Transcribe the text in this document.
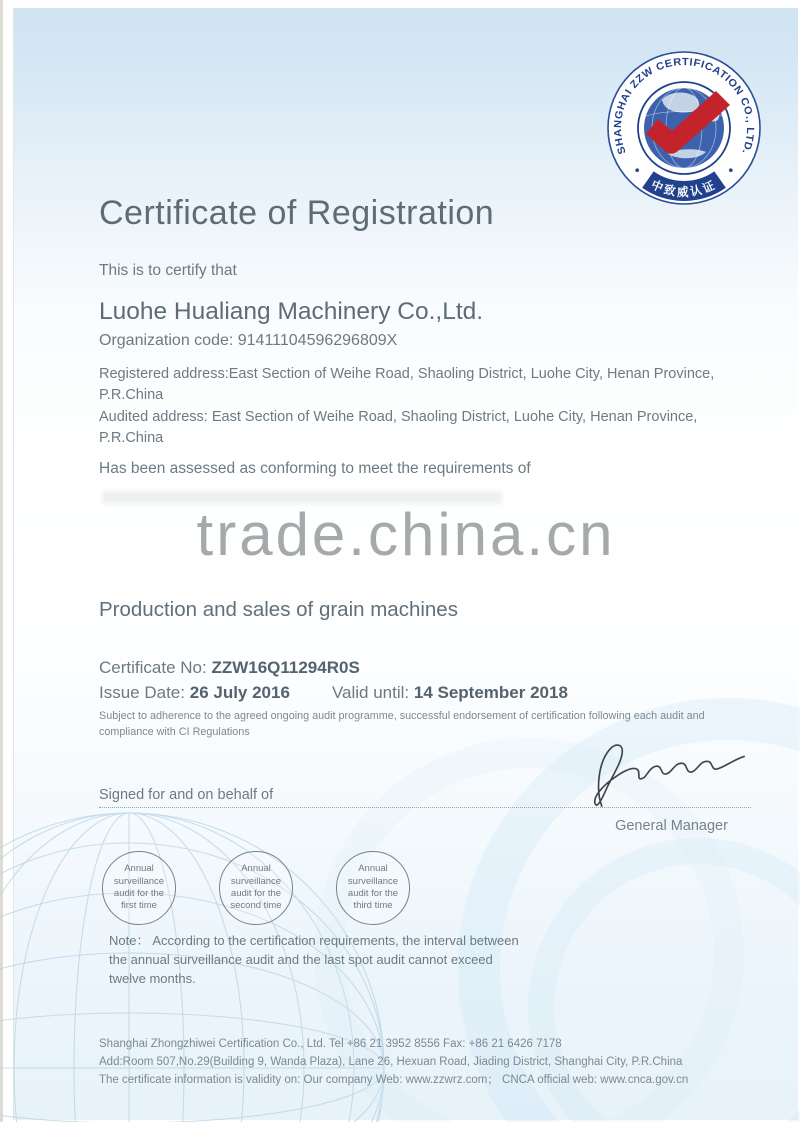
SHANGHAI ZZW CERTIFICATION CO., LTD.
中致威认证
Certificate of Registration
This is to certify that
Luohe Hualiang Machinery Co.,Ltd.
Organization code: 91411104596296809X
Registered address:East Section of Weihe Road, Shaoling District, Luohe City, Henan Province, P.R.China
Audited address: East Section of Weihe Road, Shaoling District, Luohe City, Henan Province, P.R.China
Has been assessed as conforming to meet the requirements of
trade.china.cn
Production and sales of grain machines
Certificate No: ZZW16Q11294R0S
Issue Date: 26 July 2016 Valid until: 14 September 2018
Subject to adherence to the agreed ongoing audit programme, successful endorsement of certification following each audit and compliance with CI Regulations
Signed for and on behalf of
General Manager
Annual surveillance audit for the first time
Annual surveillance audit for the second time
Annual surveillance audit for the third time
Note： According to the certification requirements, the interval between the annual surveillance audit and the last spot audit cannot exceed twelve months.
Shanghai Zhongzhiwei Certification Co., Ltd. Tel +86 21 3952 8556 Fax: +86 21 6426 7178
Add:Room 507,No.29(Building 9, Wanda Plaza), Lane 26, Hexuan Road, Jiading District, Shanghai City, P.R.China
The certificate information is validity on: Our company Web: www.zzwrz.com； CNCA official web: www.cnca.gov.cn
